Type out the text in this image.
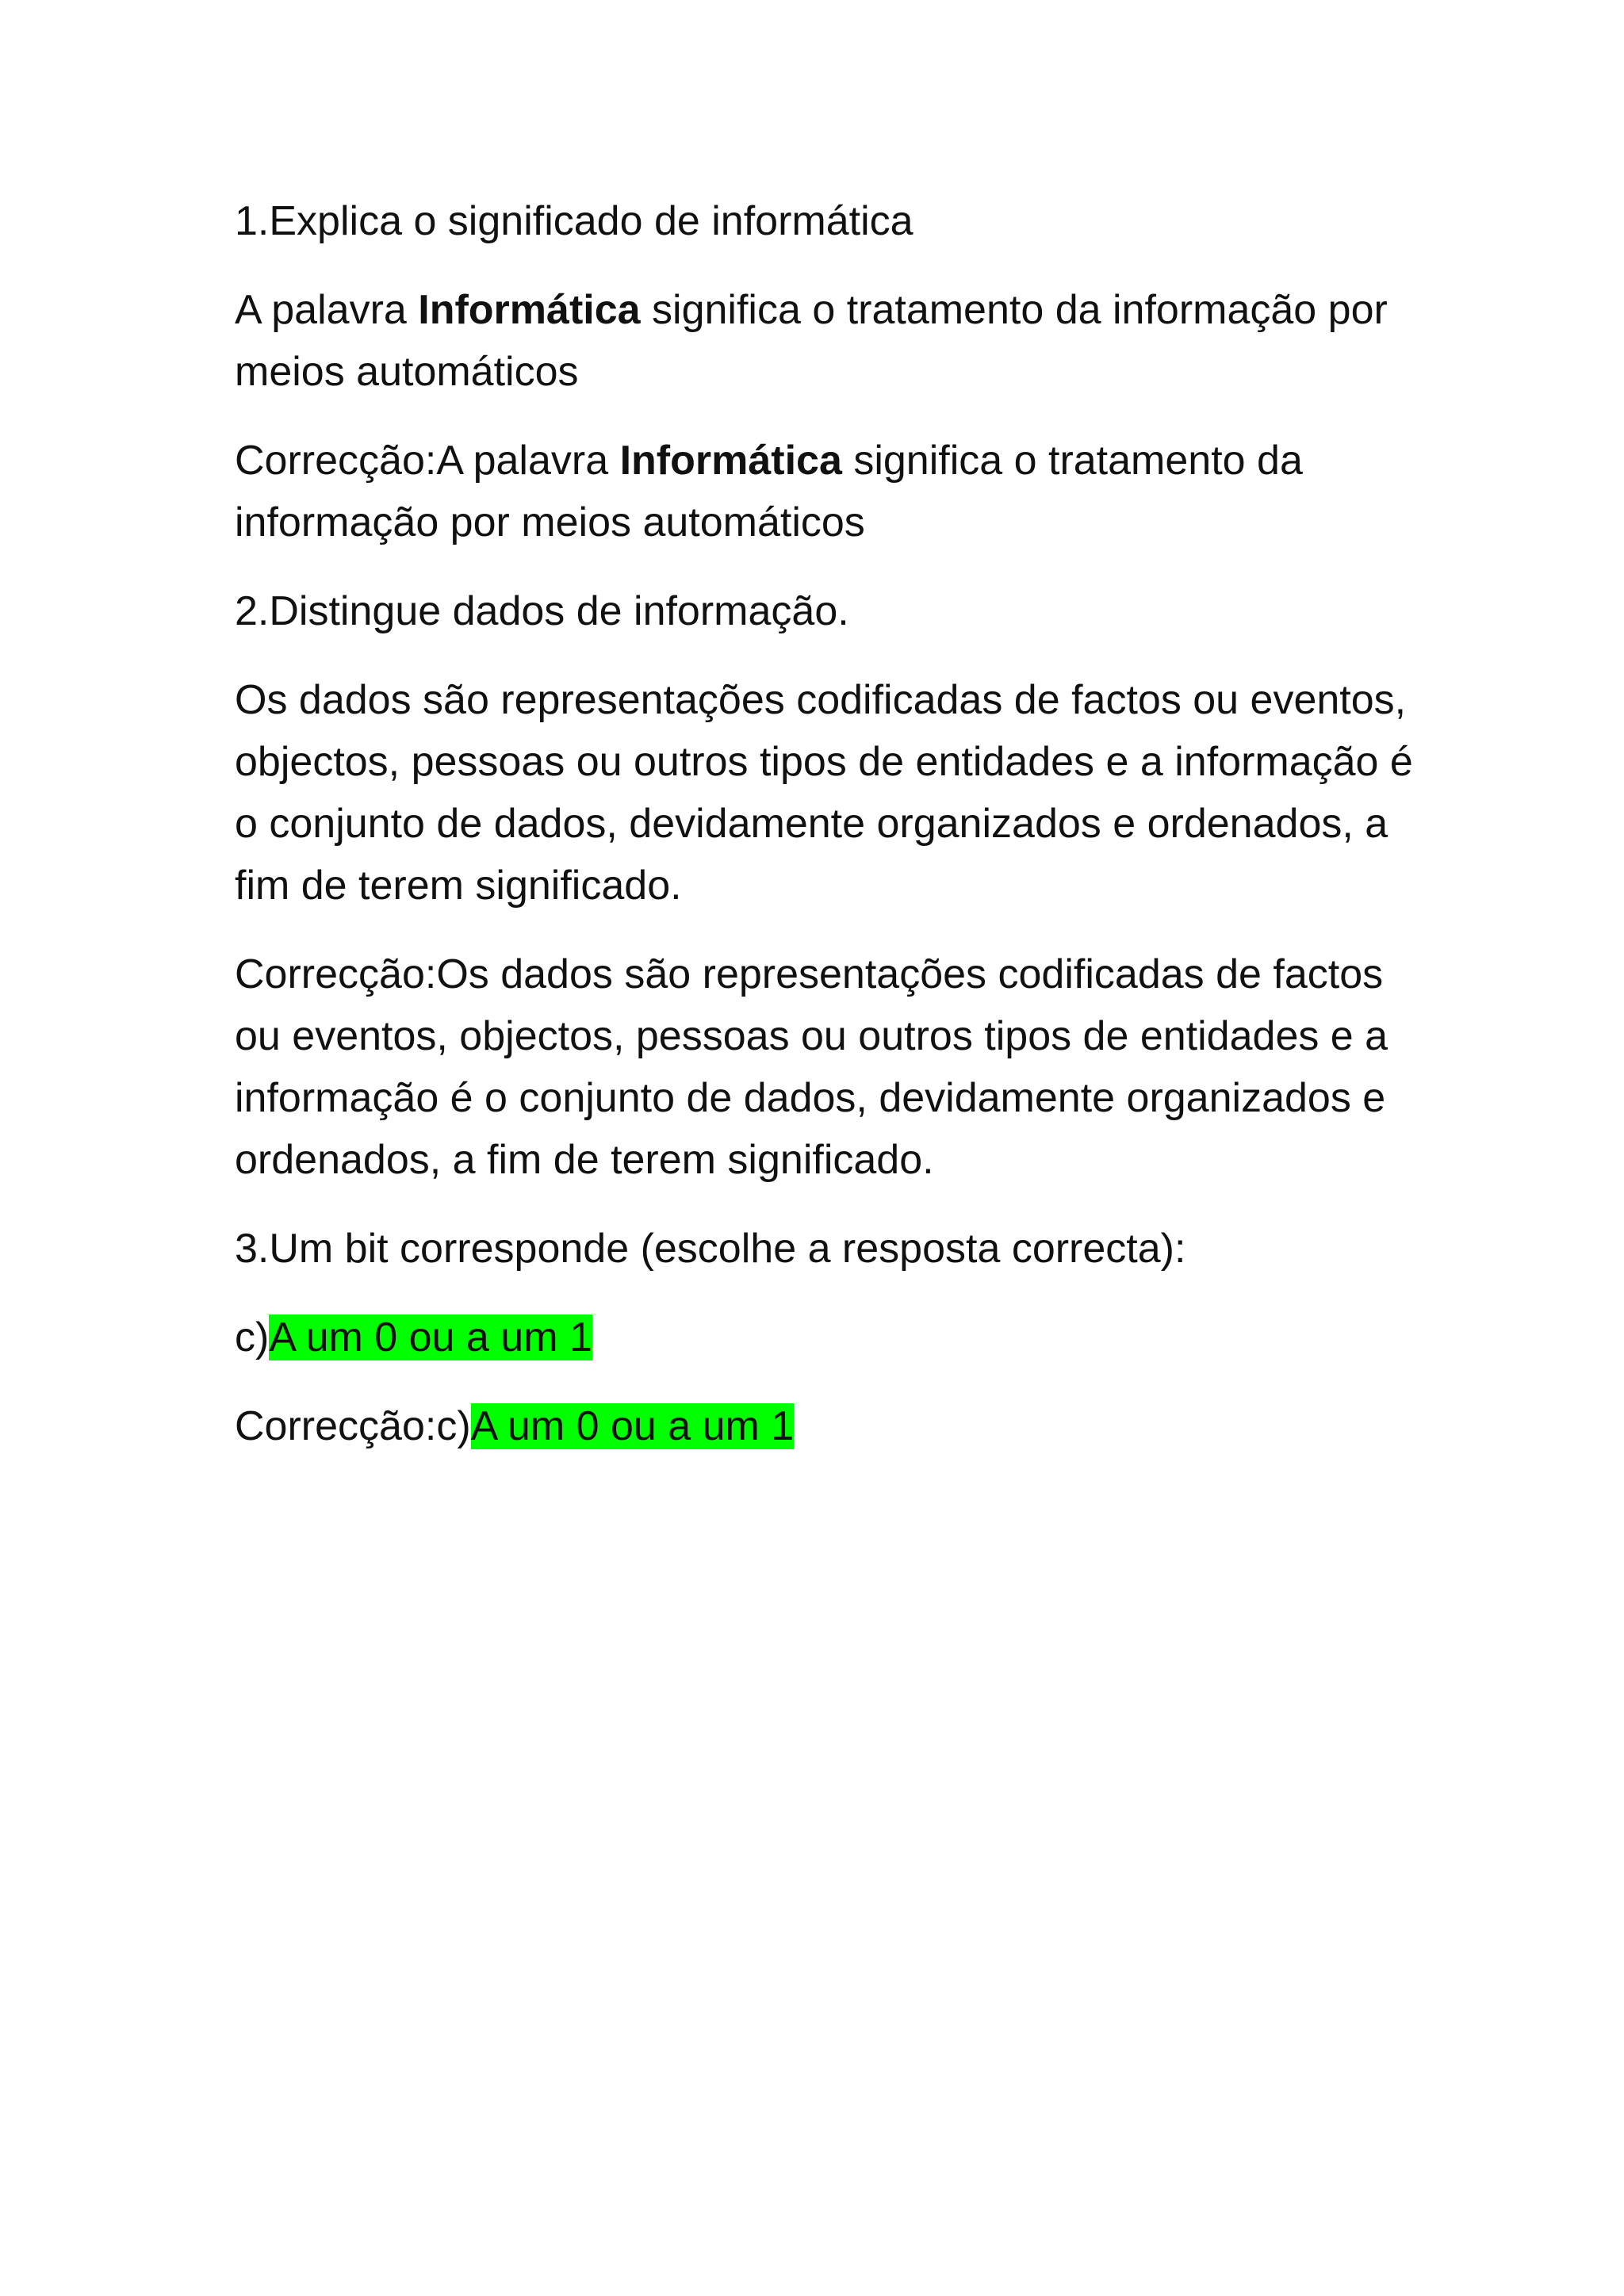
1.Explica o significado de informática

A palavra Informática significa o tratamento da informação por meios automáticos

Correcção:A palavra Informática significa o tratamento da informação por meios automáticos

2.Distingue dados de informação.

Os dados são representações codificadas de factos ou eventos, objectos, pessoas ou outros tipos de entidades e a informação é o conjunto de dados, devidamente organizados e ordenados, a fim de terem significado.

Correcção:Os dados são representações codificadas de factos ou eventos, objectos, pessoas ou outros tipos de entidades e a informação é o conjunto de dados, devidamente organizados e ordenados, a fim de terem significado.

3.Um bit corresponde (escolhe a resposta correcta):

c)A um 0 ou a um 1

Correcção:c)A um 0 ou a um 1
